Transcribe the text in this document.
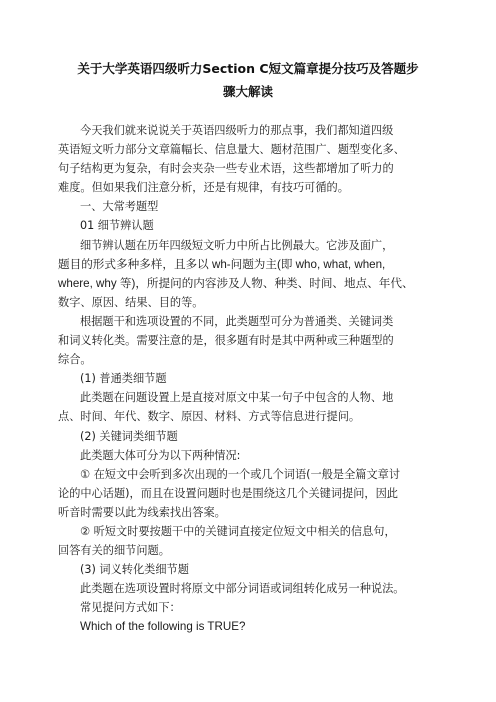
关于大学英语四级听力Section C短文篇章提分技巧及答题步
骤大解读
今天我们就来说说关于英语四级听力的那点事，我们都知道四级
英语短文听力部分文章篇幅长、信息量大、题材范围广、题型变化多、
句子结构更为复杂，有时会夹杂一些专业术语，这些都增加了听力的
难度。但如果我们注意分析，还是有规律，有技巧可循的。
一、大常考题型
01 细节辨认题
细节辨认题在历年四级短文听力中所占比例最大。它涉及面广，
题目的形式多种多样，且多以 wh-问题为主(即 who, what, when,
where, why 等)，所提问的内容涉及人物、种类、时间、地点、年代、
数字、原因、结果、目的等。
根据题干和选项设置的不同，此类题型可分为普通类、关键词类
和词义转化类。需要注意的是，很多题有时是其中两种或三种题型的
综合。
(1) 普通类细节题
此类题在问题设置上是直接对原文中某一句子中包含的人物、地
点、时间、年代、数字、原因、材料、方式等信息进行提问。
(2) 关键词类细节题
此类题大体可分为以下两种情况:
① 在短文中会听到多次出现的一个或几个词语(一般是全篇文章讨
论的中心话题)，而且在设置问题时也是围绕这几个关键词提问，因此
听音时需要以此为线索找出答案。
② 听短文时要按题干中的关键词直接定位短文中相关的信息句，
回答有关的细节问题。
(3) 词义转化类细节题
此类题在选项设置时将原文中部分词语或词组转化成另一种说法。
常见提问方式如下：
Which of the following is TRUE?
